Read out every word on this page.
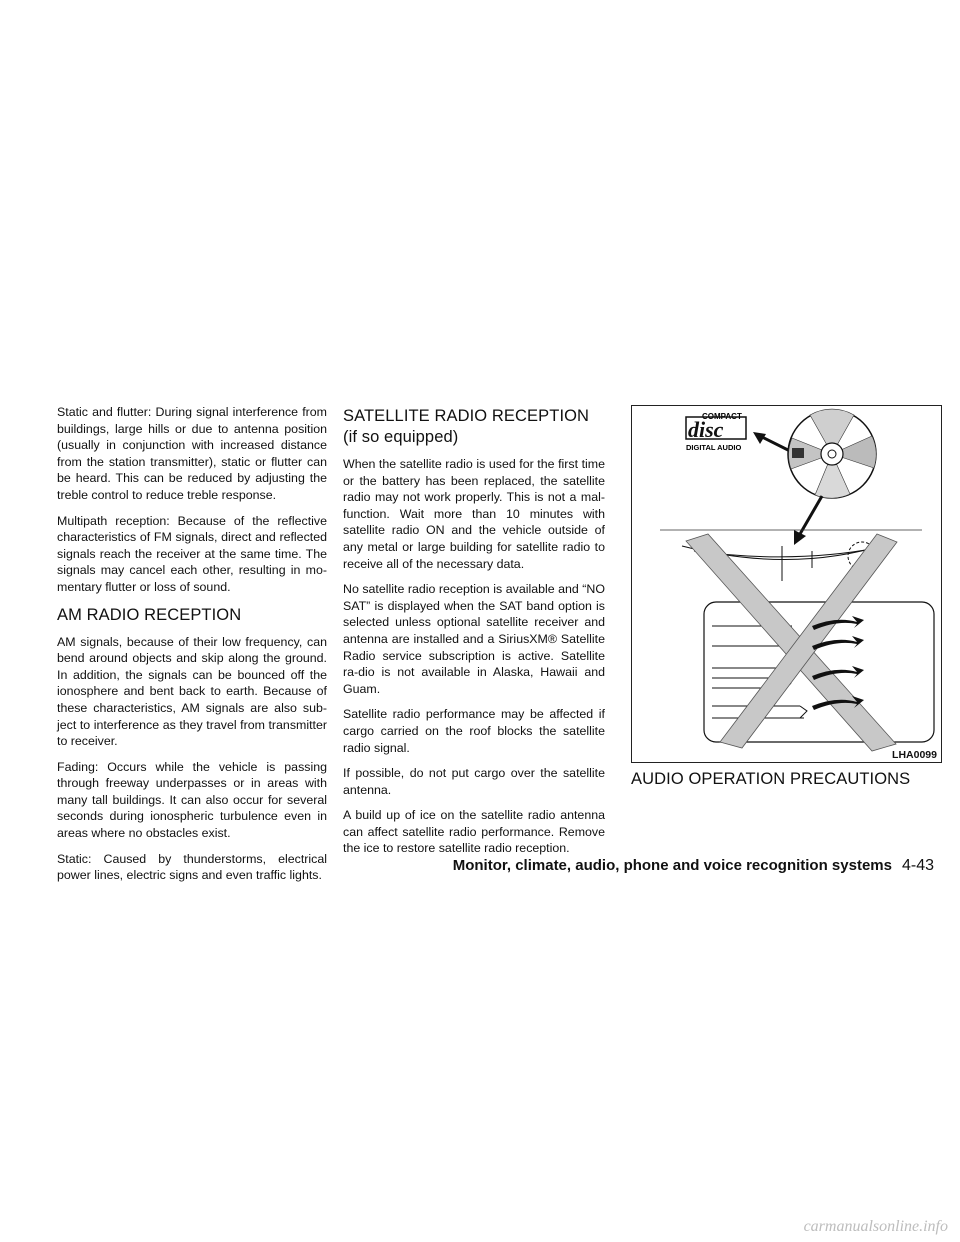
Static and flutter: During signal interference from buildings, large hills or due to antenna position (usually in conjunction with increased distance from the station transmitter), static or flutter can be heard. This can be reduced by adjusting the treble control to reduce treble response.

Multipath reception: Because of the reflective characteristics of FM signals, direct and reflected signals reach the receiver at the same time. The signals may cancel each other, resulting in mo-mentary flutter or loss of sound.

AM RADIO RECEPTION

AM signals, because of their low frequency, can bend around objects and skip along the ground. In addition, the signals can be bounced off the ionosphere and bent back to earth. Because of these characteristics, AM signals are also sub-ject to interference as they travel from transmitter to receiver.

Fading: Occurs while the vehicle is passing through freeway underpasses or in areas with many tall buildings. It can also occur for several seconds during ionospheric turbulence even in areas where no obstacles exist.

Static: Caused by thunderstorms, electrical power lines, electric signs and even traffic lights.

SATELLITE RADIO RECEPTION (if so equipped)

When the satellite radio is used for the first time or the battery has been replaced, the satellite radio may not work properly. This is not a mal-function. Wait more than 10 minutes with satellite radio ON and the vehicle outside of any metal or large building for satellite radio to receive all of the necessary data.

No satellite radio reception is available and “NO SAT” is displayed when the SAT band option is selected unless optional satellite receiver and antenna are installed and a SiriusXM® Satellite Radio service subscription is active. Satellite ra-dio is not available in Alaska, Hawaii and Guam.

Satellite radio performance may be affected if cargo carried on the roof blocks the satellite radio signal.

If possible, do not put cargo over the satellite antenna.

A build up of ice on the satellite radio antenna can affect satellite radio performance. Remove the ice to restore satellite radio reception.

COMPACT
disc
DIGITAL AUDIO
LHA0099
AUDIO OPERATION PRECAUTIONS
Monitor, climate, audio, phone and voice recognition systems 4-43
carmanualsonline.info
